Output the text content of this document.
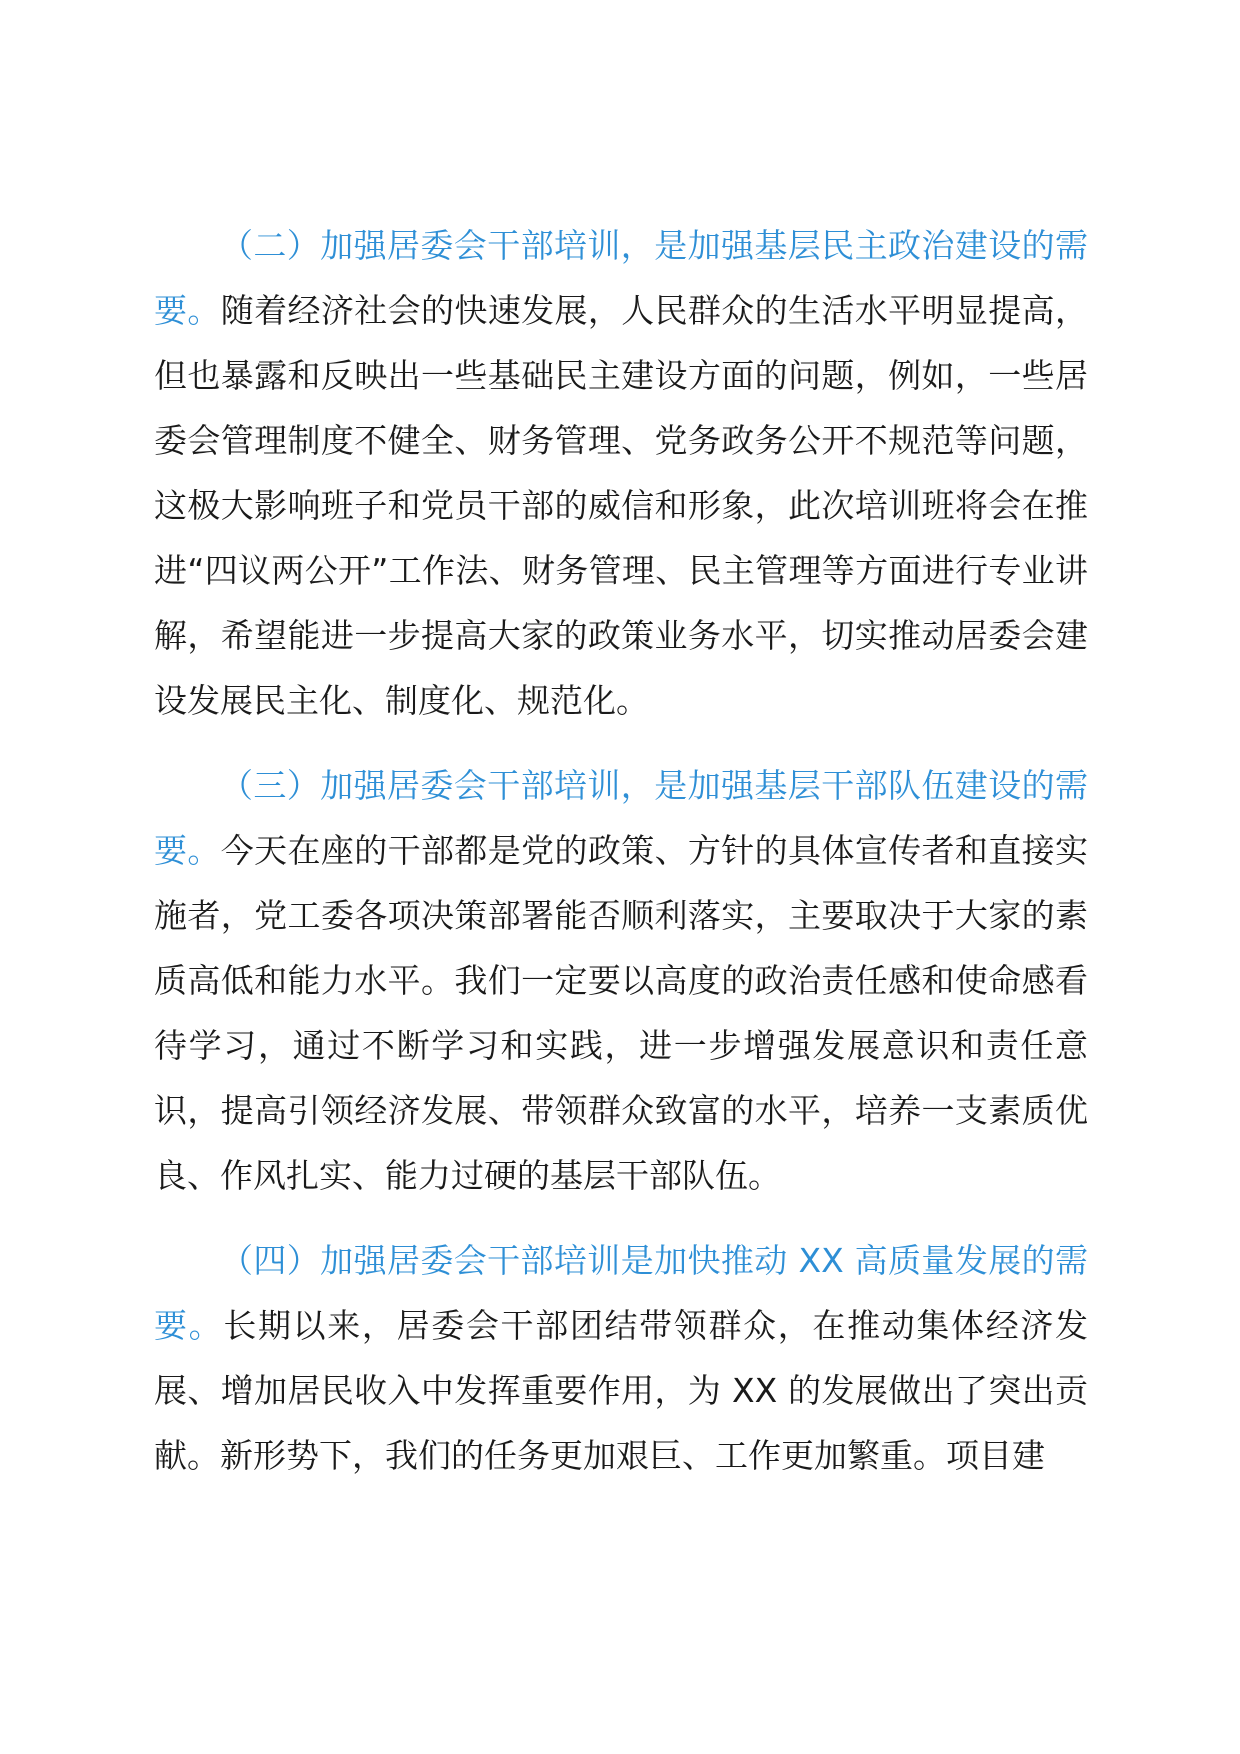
（二）加强居委会干部培训，是加强基层民主政治建设的需要。随着经济社会的快速发展，人民群众的生活水平明显提高，但也暴露和反映出一些基础民主建设方面的问题，例如，一些居委会管理制度不健全、财务管理、党务政务公开不规范等问题，这极大影响班子和党员干部的威信和形象，此次培训班将会在推进“四议两公开”工作法、财务管理、民主管理等方面进行专业讲解，希望能进一步提高大家的政策业务水平，切实推动居委会建设发展民主化、制度化、规范化。

（三）加强居委会干部培训，是加强基层干部队伍建设的需要。今天在座的干部都是党的政策、方针的具体宣传者和直接实施者，党工委各项决策部署能否顺利落实，主要取决于大家的素质高低和能力水平。我们一定要以高度的政治责任感和使命感看待学习，通过不断学习和实践，进一步增强发展意识和责任意识，提高引领经济发展、带领群众致富的水平，培养一支素质优良、作风扎实、能力过硬的基层干部队伍。

（四）加强居委会干部培训是加快推动 XX 高质量发展的需要。长期以来，居委会干部团结带领群众，在推动集体经济发展、增加居民收入中发挥重要作用，为 XX 的发展做出了突出贡献。新形势下，我们的任务更加艰巨、工作更加繁重。项目建
